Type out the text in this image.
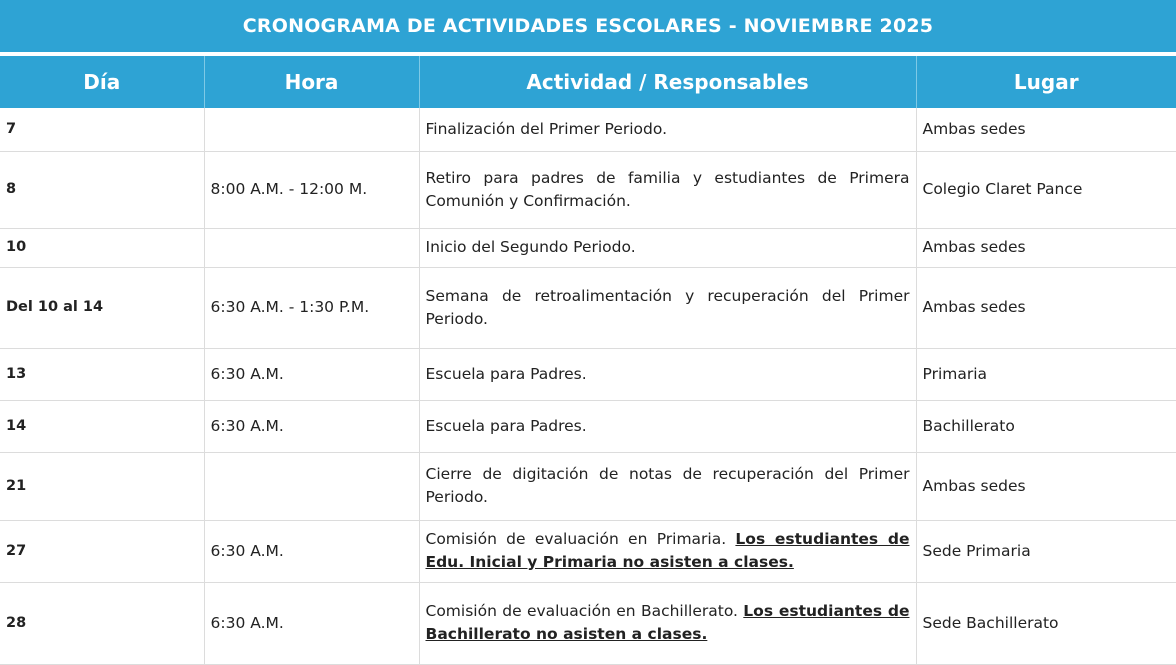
CRONOGRAMA DE ACTIVIDADES ESCOLARES - NOVIEMBRE 2025
Día	Hora	Actividad / Responsables	Lugar
7		Finalización del Primer Periodo.	Ambas sedes
8	8:00 A.M. - 12:00 M.	Retiro para padres de familia y estudiantes de Primera Comunión y Confirmación.	Colegio Claret Pance
10		Inicio del Segundo Periodo.	Ambas sedes
Del 10 al 14	6:30 A.M. - 1:30 P.M.	Semana de retroalimentación y recuperación del Primer Periodo.	Ambas sedes
13	6:30 A.M.	Escuela para Padres.	Primaria
14	6:30 A.M.	Escuela para Padres.	Bachillerato
21		Cierre de digitación de notas de recuperación del Primer Periodo.	Ambas sedes
27	6:30 A.M.	Comisión de evaluación en Primaria. Los estudiantes de Edu. Inicial y Primaria no asisten a clases.	Sede Primaria
28	6:30 A.M.	Comisión de evaluación en Bachillerato. Los estudiantes de Bachillerato no asisten a clases.	Sede Bachillerato
